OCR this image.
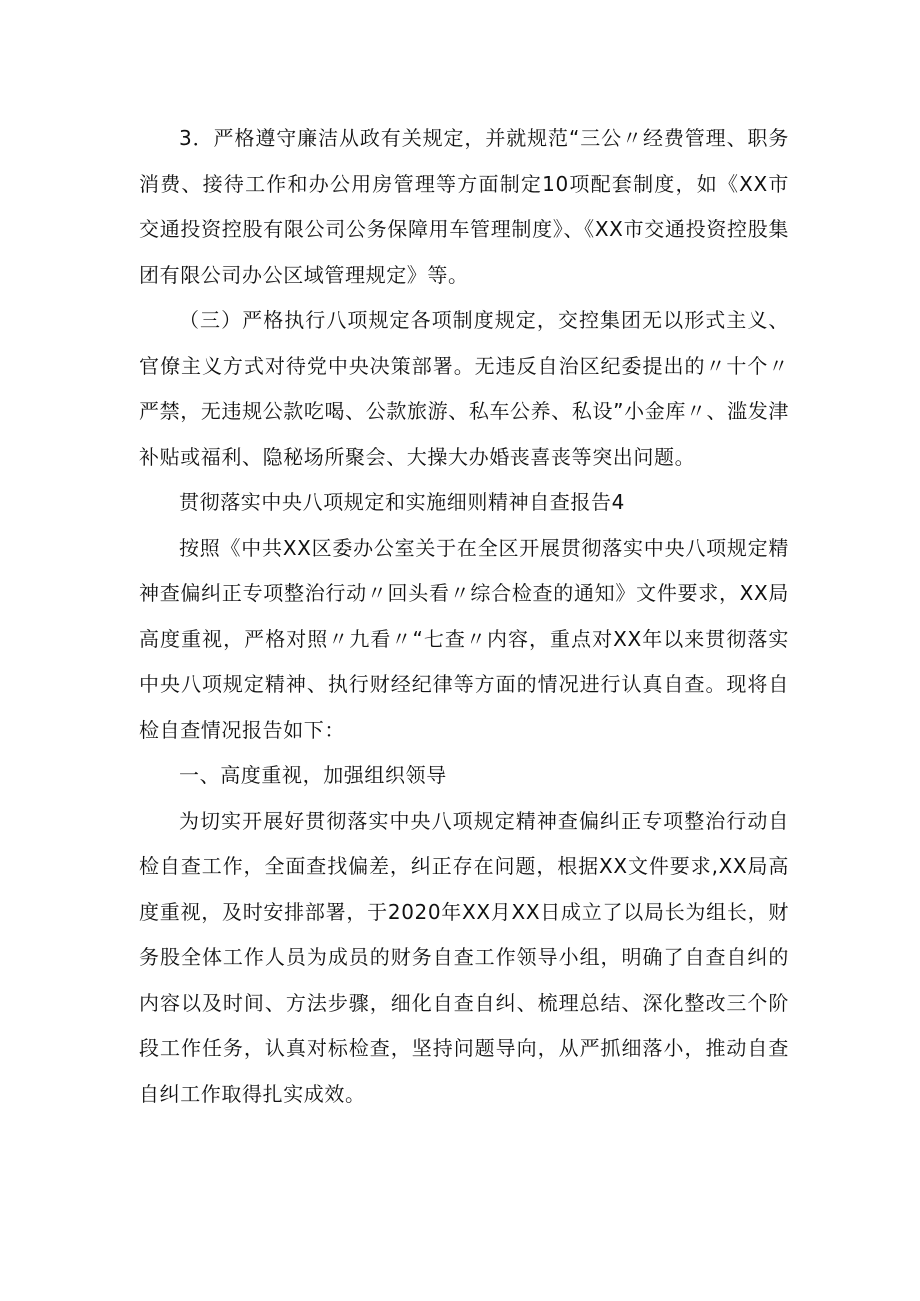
3．严格遵守廉洁从政有关规定，并就规范“三公〃经费管理、职务消费、接待工作和办公用房管理等方面制定10项配套制度，如《XX市交通投资控股有限公司公务保障用车管理制度》、《XX市交通投资控股集团有限公司办公区域管理规定》等。

（三）严格执行八项规定各项制度规定，交控集团无以形式主义、官僚主义方式对待党中央决策部署。无违反自治区纪委提出的〃十个〃严禁，无违规公款吃喝、公款旅游、私车公养、私设”小金库〃、滥发津补贴或福利、隐秘场所聚会、大操大办婚丧喜丧等突出问题。

贯彻落实中央八项规定和实施细则精神自查报告4

按照《中共XX区委办公室关于在全区开展贯彻落实中央八项规定精神查偏纠正专项整治行动〃回头看〃综合检查的通知》文件要求，XX局高度重视，严格对照〃九看〃“七查〃内容，重点对XX年以来贯彻落实中央八项规定精神、执行财经纪律等方面的情况进行认真自查。现将自检自查情况报告如下：

一、高度重视，加强组织领导

为切实开展好贯彻落实中央八项规定精神查偏纠正专项整治行动自检自查工作，全面查找偏差，纠正存在问题，根据XX文件要求,XX局高度重视，及时安排部署，于2020年XX月XX日成立了以局长为组长，财务股全体工作人员为成员的财务自查工作领导小组，明确了自查自纠的内容以及时间、方法步骤，细化自查自纠、梳理总结、深化整改三个阶段工作任务，认真对标检查，坚持问题导向，从严抓细落小，推动自查自纠工作取得扎实成效。
